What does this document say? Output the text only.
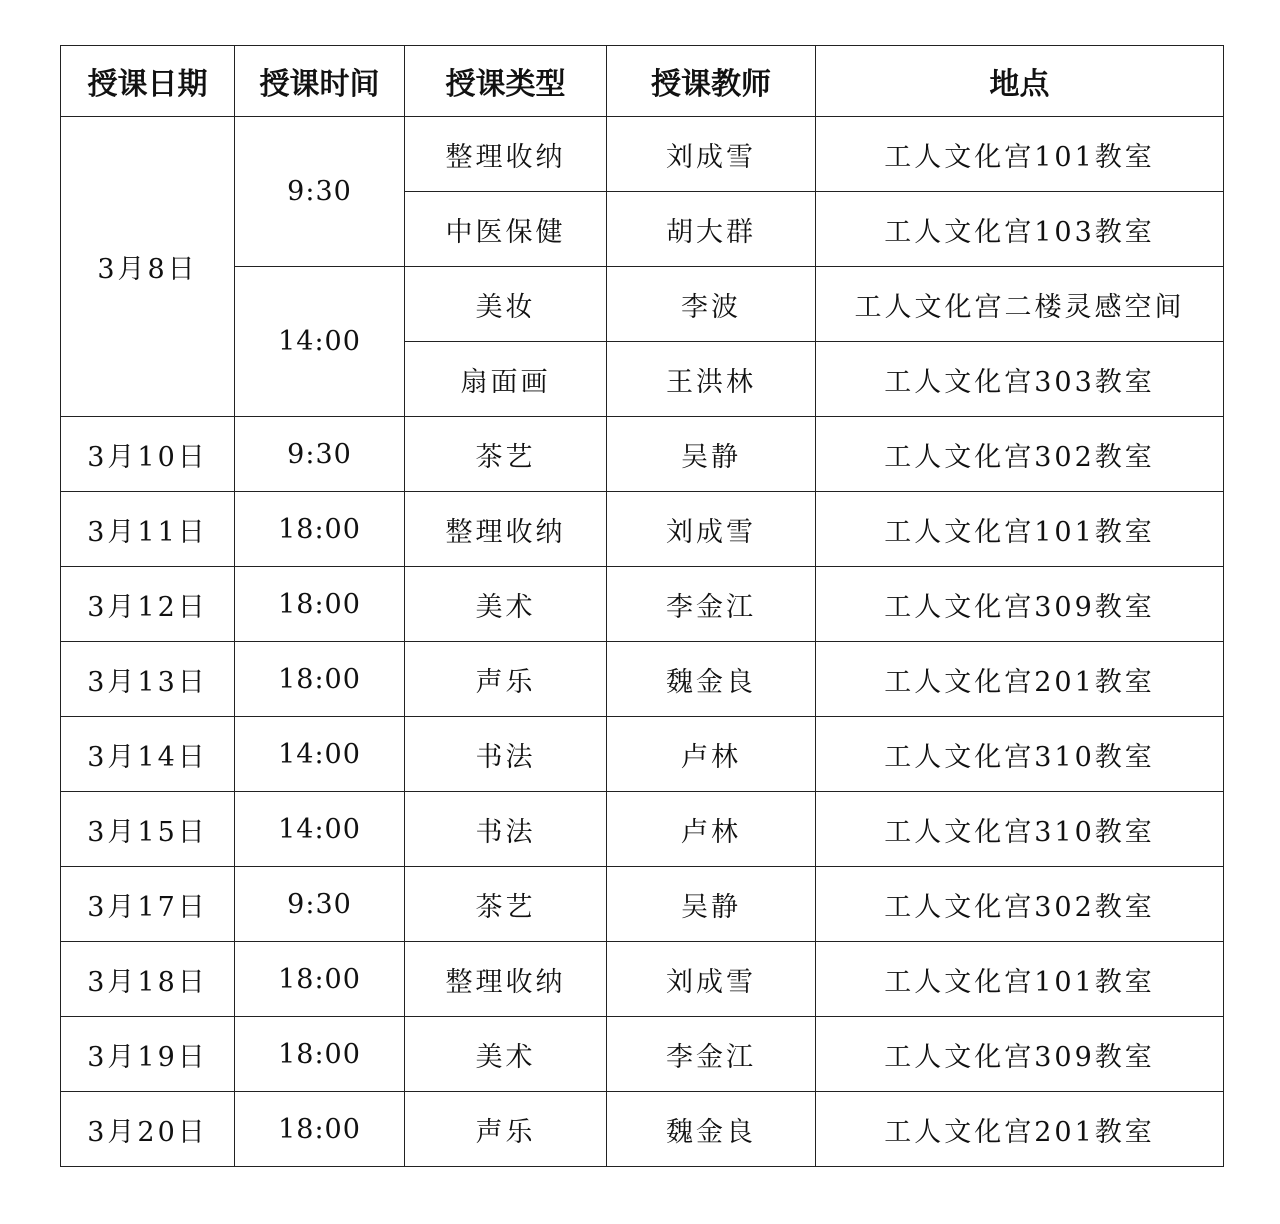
授课日期	授课时间	授课类型	授课教师	地点
3月8日	9:30	整理收纳	刘成雪	工人文化宫101教室
		中医保健	胡大群	工人文化宫103教室
	14:00	美妆	李波	工人文化宫二楼灵感空间
		扇面画	王洪林	工人文化宫303教室
3月10日	9:30	茶艺	吴静	工人文化宫302教室
3月11日	18:00	整理收纳	刘成雪	工人文化宫101教室
3月12日	18:00	美术	李金江	工人文化宫309教室
3月13日	18:00	声乐	魏金良	工人文化宫201教室
3月14日	14:00	书法	卢林	工人文化宫310教室
3月15日	14:00	书法	卢林	工人文化宫310教室
3月17日	9:30	茶艺	吴静	工人文化宫302教室
3月18日	18:00	整理收纳	刘成雪	工人文化宫101教室
3月19日	18:00	美术	李金江	工人文化宫309教室
3月20日	18:00	声乐	魏金良	工人文化宫201教室
